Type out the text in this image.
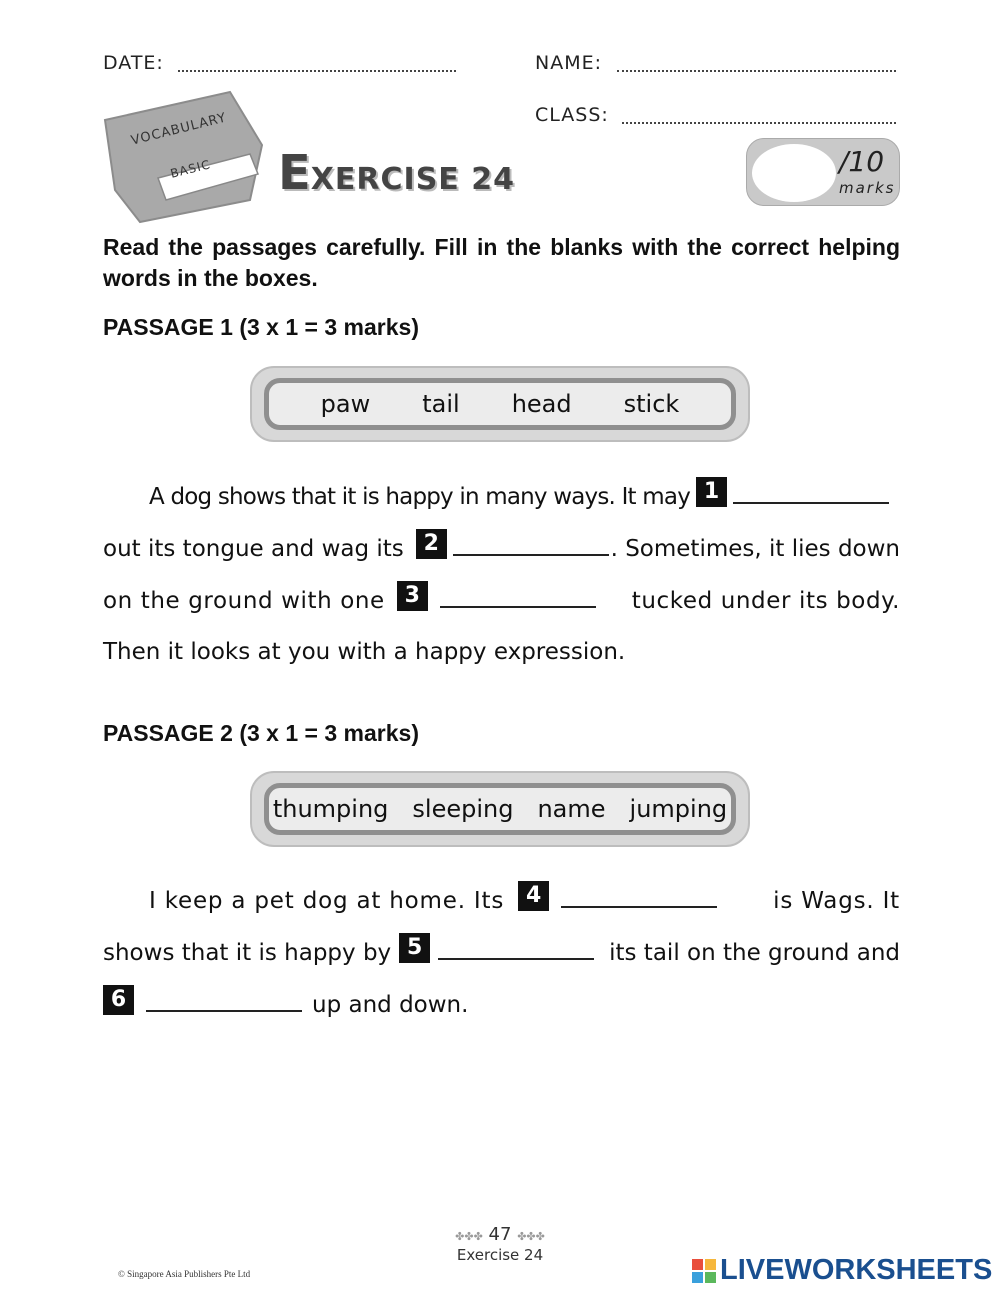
DATE:	NAME:
CLASS:
VOCABULARY
BASIC EXERCISE 24
/10
marks
Read the passages carefully. Fill in the blanks with the correct helping words in the boxes.
PASSAGE 1 (3 x 1 = 3 marks)
paw tail head stick
A dog shows that it is happy in many ways. It may 1
out its tongue and wag its 2	. Sometimes, it lies down
on the ground with one 3	tucked under its body.
Then it looks at you with a happy expression.
PASSAGE 2 (3 x 1 = 3 marks)
thumping sleeping name jumping
I keep a pet dog at home. Its 4	is Wags. It
shows that it is happy by 5	its tail on the ground and
6	up and down.
✤✤✤ 47 ✤✤✤
Exercise 24
© Singapore Asia Publishers Pte Ltd	LIVEWORKSHEETS
